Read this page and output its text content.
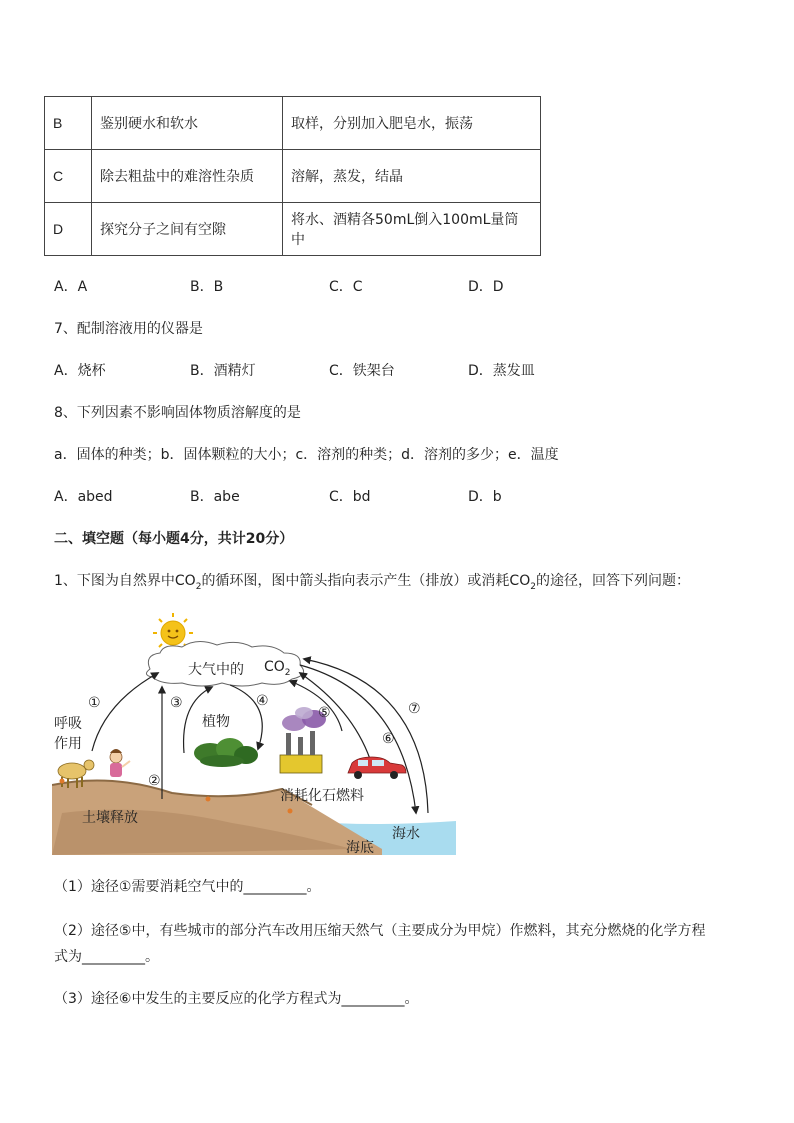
B	鉴别硬水和软水	取样，分别加入肥皂水，振荡
C	除去粗盐中的难溶性杂质	溶解，蒸发，结晶
D	探究分子之间有空隙	将水、酒精各50mL倒入100mL量筒中
A．A	B．B	C．C	D．D
7、配制溶液用的仪器是
A．烧杯	B．酒精灯	C．铁架台	D．蒸发皿
8、下列因素不影响固体物质溶解度的是
a．固体的种类；b．固体颗粒的大小；c．溶剂的种类；d．溶剂的多少；e．温度
A．abed	B．abe	C．bd	D．b
二、填空题（每小题4分，共计20分）
1、下图为自然界中$CO_2$的循环图，图中箭头指向表示产生（排放）或消耗$CO_2$的途径，回答下列问题：
大气中的 $CO_2$
①
②
③	④
⑤
⑥
⑦
呼吸
作用
植物
消耗化石燃料
土壤释放
海水
海底
（1）途径①需要消耗空气中的_________。
（2）途径⑤中，有些城市的部分汽车改用压缩天然气（主要成分为甲烷）作燃料，其充分燃烧的化学方程
式为_________。
（3）途径⑥中发生的主要反应的化学方程式为_________。
